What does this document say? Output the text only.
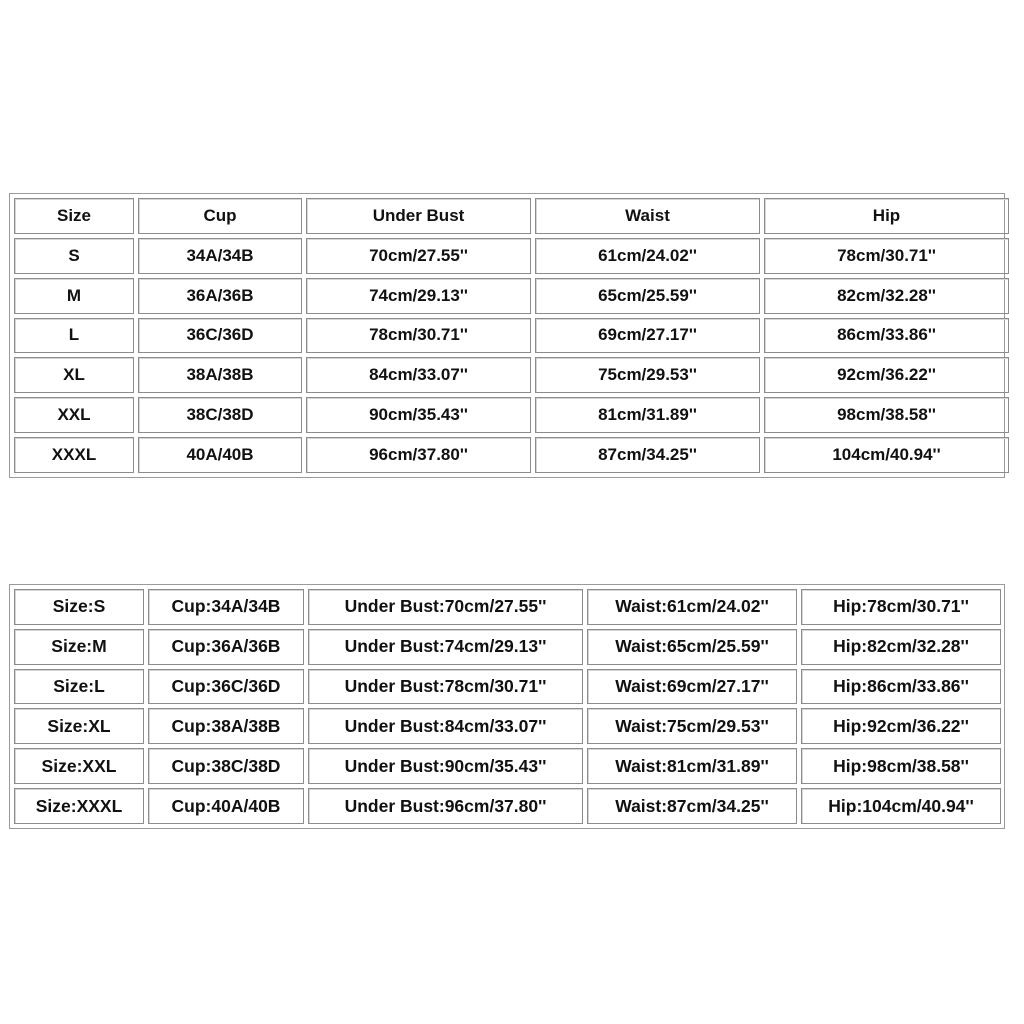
Size	Cup	Under Bust	Waist	Hip
S	34A/34B	70cm/27.55''	61cm/24.02''	78cm/30.71''
M	36A/36B	74cm/29.13''	65cm/25.59''	82cm/32.28''
L	36C/36D	78cm/30.71''	69cm/27.17''	86cm/33.86''
XL	38A/38B	84cm/33.07''	75cm/29.53''	92cm/36.22''
XXL	38C/38D	90cm/35.43''	81cm/31.89''	98cm/38.58''
XXXL	40A/40B	96cm/37.80''	87cm/34.25''	104cm/40.94''
Size:S	Cup:34A/34B	Under Bust:70cm/27.55''	Waist:61cm/24.02''	Hip:78cm/30.71''
Size:M	Cup:36A/36B	Under Bust:74cm/29.13''	Waist:65cm/25.59''	Hip:82cm/32.28''
Size:L	Cup:36C/36D	Under Bust:78cm/30.71''	Waist:69cm/27.17''	Hip:86cm/33.86''
Size:XL	Cup:38A/38B	Under Bust:84cm/33.07''	Waist:75cm/29.53''	Hip:92cm/36.22''
Size:XXL	Cup:38C/38D	Under Bust:90cm/35.43''	Waist:81cm/31.89''	Hip:98cm/38.58''
Size:XXXL	Cup:40A/40B	Under Bust:96cm/37.80''	Waist:87cm/34.25''	Hip:104cm/40.94''
